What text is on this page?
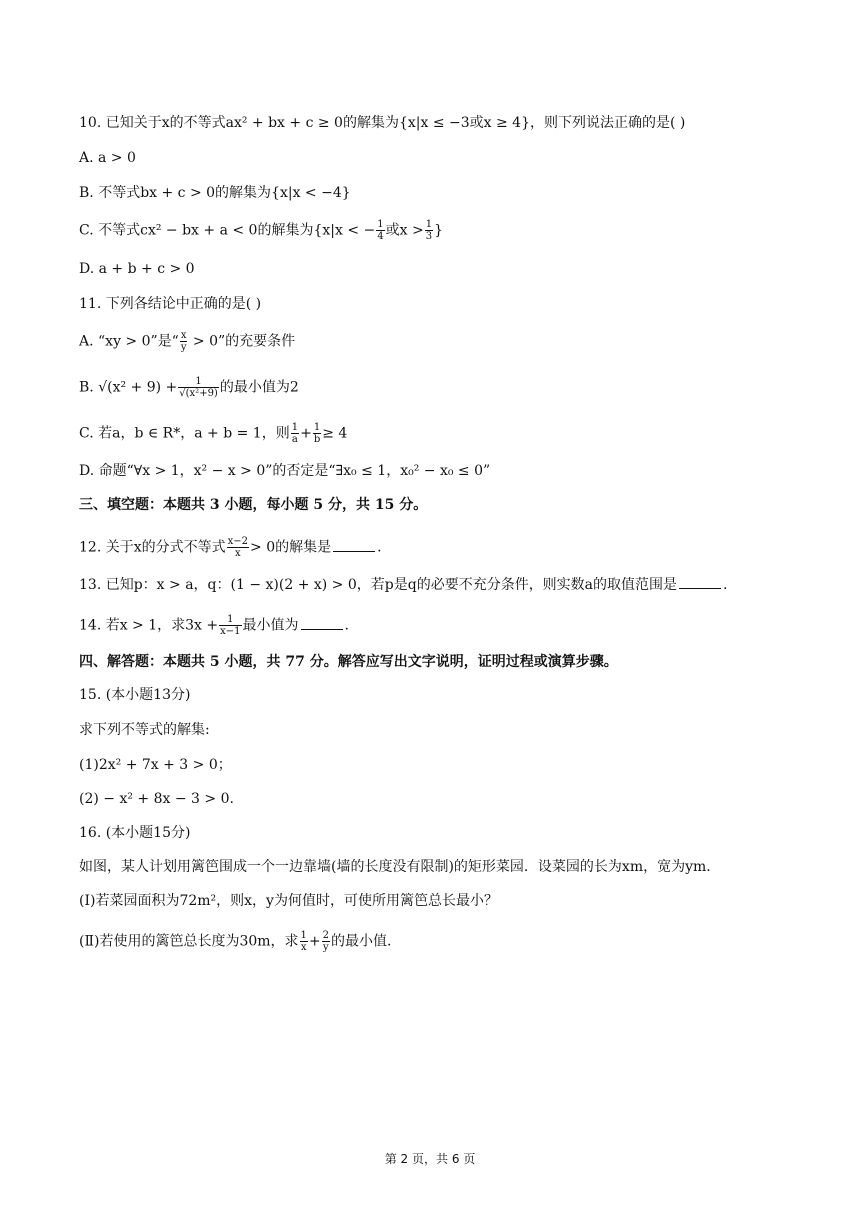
10. 已知关于x的不等式ax² + bx + c ≥ 0的解集为{x|x ≤ −3或x ≥ 4}，则下列说法正确的是( )
A. a > 0
B. 不等式bx + c > 0的解集为{x|x < −4}
C. 不等式cx² − bx + a < 0的解集为{x|x < − $\frac{1}{4}$ 或$x > \frac{1}{3}$ }
D. a + b + c > 0
11. 下列各结论中正确的是( )
A. “xy > 0”是“ $\frac{x}{y} > 0$”的充要条件
B. $√(x^2 + 9) + \frac{1}{\text{√(x²+9)}}$ 的最小值为2
C. 若a，b ∈ R*，a + b = 1，则 $\frac{1}{a} + \frac{1}{b} \ge 4$
D. 命题“∀x > 1，x² − x > 0”的否定是“∃x₀ ≤ 1，x₀² − x₀ ≤ 0”
三、填空题：本题共 3 小题，每小题 5 分，共 15 分。
12. 关于x的分式不等式 $\frac{x-2}{x} > 0$的解集是	.
13. 已知p：x > a，q：(1 − x)(2 + x) > 0，若p是q的必要不充分条件，则实数a的取值范围是	.
14. 若x > 1，求$3x + \frac{1}{x-1}$ 最小值为	.
四、解答题：本题共 5 小题，共 77 分。解答应写出文字说明，证明过程或演算步骤。
15. (本小题13分)
求下列不等式的解集:
(1)2x² + 7x + 3 > 0；
(2) − x² + 8x − 3 > 0.
16. (本小题15分)
如图，某人计划用篱笆围成一个一边靠墙(墙的长度没有限制)的矩形菜园．设菜园的长为xm，宽为ym.
(Ⅰ)若菜园面积为72m²，则x，y为何值时，可使所用篱笆总长最小？
(Ⅱ)若使用的篱笆总长度为30m，求 $\frac{1}{x} + \frac{2}{y}$ 的最小值.
第 2 页，共 6 页
